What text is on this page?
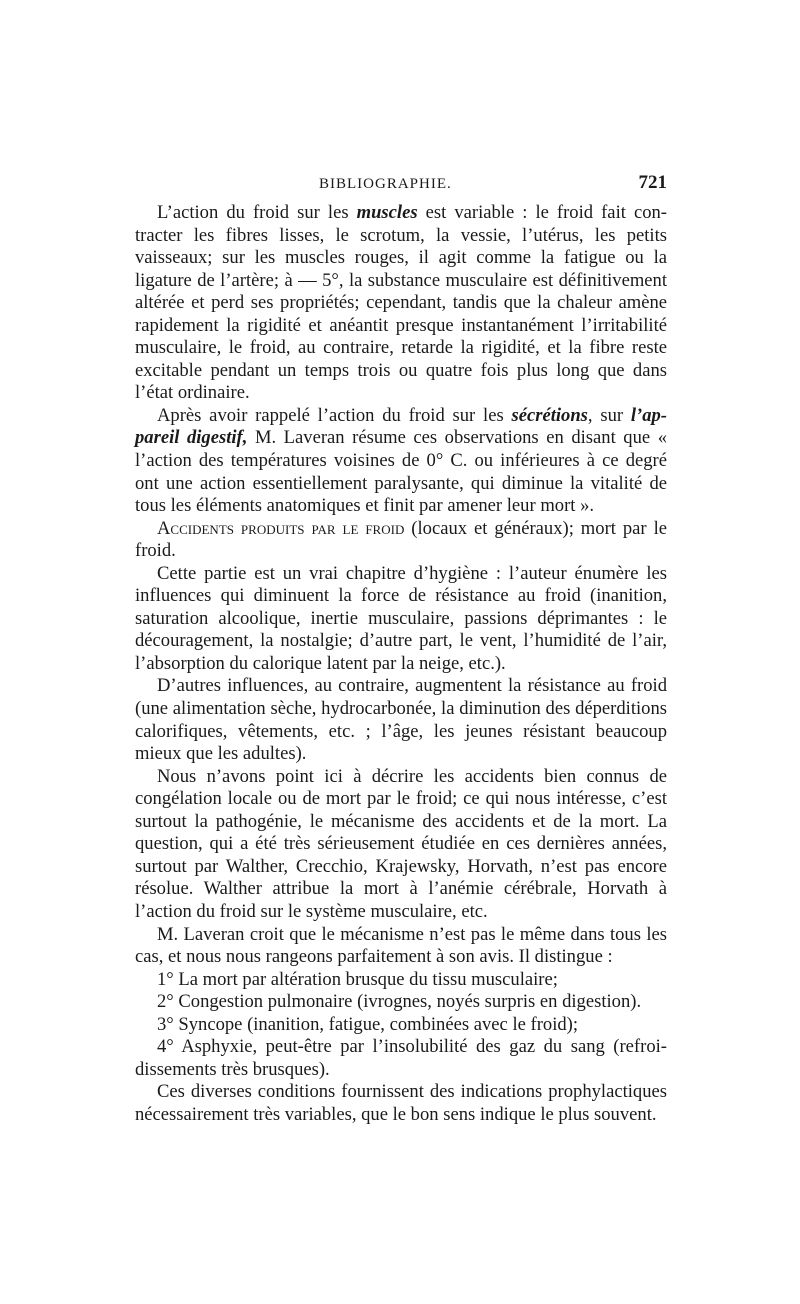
BIBLIOGRAPHIE.	721

L’action du froid sur les muscles est variable : le froid fait contracter les fibres lisses, le scrotum, la vessie, l’utérus, les petits vaisseaux; sur les muscles rouges, il agit comme la fatigue ou la ligature de l’artère; à — 5°, la substance musculaire est définitivement altérée et perd ses propriétés; cependant, tandis que la chaleur amène rapidement la rigidité et anéantit presque instantanément l’irritabilité musculaire, le froid, au contraire, retarde la rigidité, et la fibre reste excitable pendant un temps trois ou quatre fois plus long que dans l’état ordinaire.

Après avoir rappelé l’action du froid sur les sécrétions, sur l’appareil digestif, M. Laveran résume ces observations en disant que « l’action des températures voisines de 0° C. ou inférieures à ce degré ont une action essentiellement paralysante, qui diminue la vitalité de tous les éléments anatomiques et finit par amener leur mort ».

Accidents produits par le froid (locaux et généraux); mort par le froid.

Cette partie est un vrai chapitre d’hygiène : l’auteur énumère les influences qui diminuent la force de résistance au froid (inanition, saturation alcoolique, inertie musculaire, passions déprimantes : le découragement, la nostalgie; d’autre part, le vent, l’humidité de l’air, l’absorption du calorique latent par la neige, etc.).

D’autres influences, au contraire, augmentent la résistance au froid (une alimentation sèche, hydrocarbonée, la diminution des déperditions calorifiques, vêtements, etc. ; l’âge, les jeunes résistant beaucoup mieux que les adultes).

Nous n’avons point ici à décrire les accidents bien connus de congélation locale ou de mort par le froid; ce qui nous intéresse, c’est surtout la pathogénie, le mécanisme des accidents et de la mort. La question, qui a été très sérieusement étudiée en ces dernières années, surtout par Walther, Crecchio, Krajewsky, Horvath, n’est pas encore résolue. Walther attribue la mort à l’anémie cérébrale, Horvath à l’action du froid sur le système musculaire, etc.

M. Laveran croit que le mécanisme n’est pas le même dans tous les cas, et nous nous rangeons parfaitement à son avis. Il distingue :

1° La mort par altération brusque du tissu musculaire;

2° Congestion pulmonaire (ivrognes, noyés surpris en digestion).

3° Syncope (inanition, fatigue, combinées avec le froid);

4° Asphyxie, peut-être par l’insolubilité des gaz du sang (refroidissements très brusques).

Ces diverses conditions fournissent des indications prophylactiques nécessairement très variables, que le bon sens indique le plus souvent.
